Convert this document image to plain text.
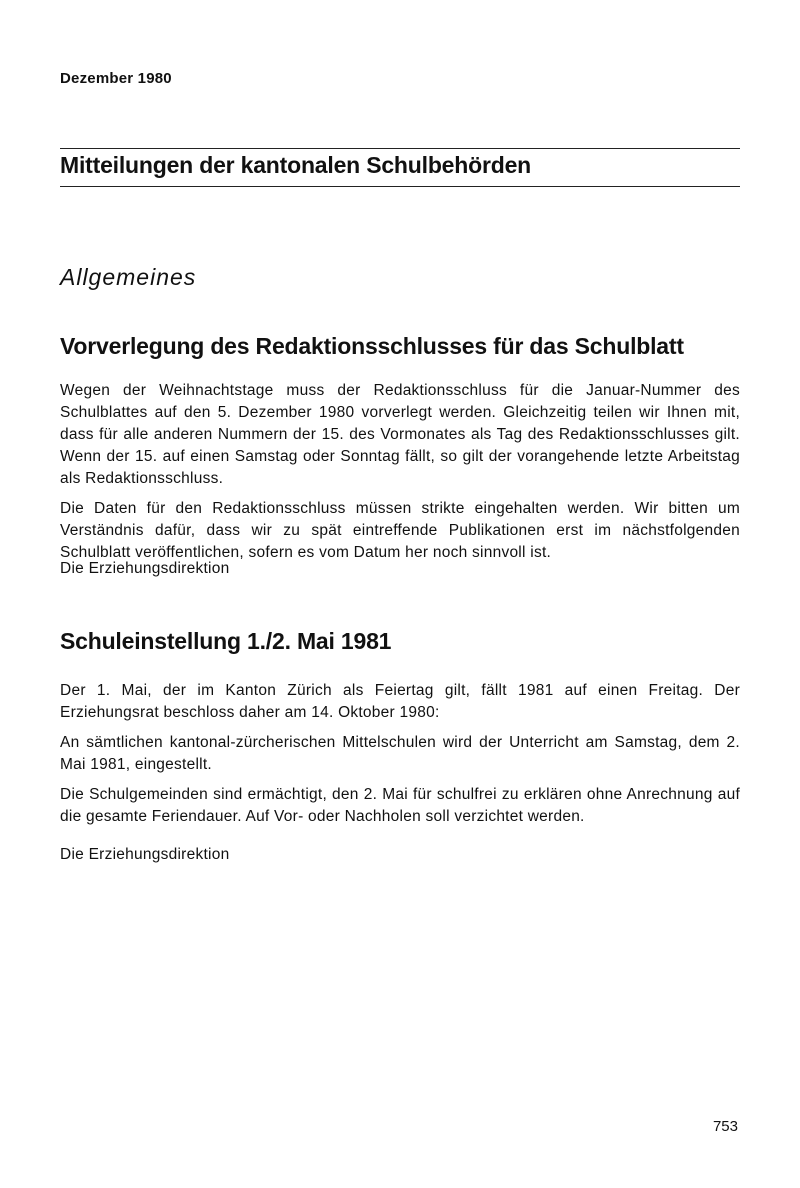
Dezember 1980
Mitteilungen der kantonalen Schulbehörden
Allgemeines
Vorverlegung des Redaktionsschlusses für das Schulblatt

Wegen der Weihnachtstage muss der Redaktionsschluss für die Januar-Nummer des Schulblattes auf den 5. Dezember 1980 vorverlegt werden. Gleichzeitig teilen wir Ihnen mit, dass für alle anderen Nummern der 15. des Vormonates als Tag des Redaktionsschlusses gilt. Wenn der 15. auf einen Samstag oder Sonntag fällt, so gilt der vorangehende letzte Arbeitstag als Redaktionsschluss.

Die Daten für den Redaktionsschluss müssen strikte eingehalten werden. Wir bitten um Verständnis dafür, dass wir zu spät eintreffende Publikationen erst im nächstfolgenden Schulblatt veröffentlichen, sofern es vom Datum her noch sinnvoll ist.

Die Erziehungsdirektion
Schuleinstellung 1./2. Mai 1981

Der 1. Mai, der im Kanton Zürich als Feiertag gilt, fällt 1981 auf einen Freitag. Der Erziehungsrat beschloss daher am 14. Oktober 1980:

An sämtlichen kantonal-zürcherischen Mittelschulen wird der Unterricht am Samstag, dem 2. Mai 1981, eingestellt.

Die Schulgemeinden sind ermächtigt, den 2. Mai für schulfrei zu erklären ohne Anrechnung auf die gesamte Feriendauer. Auf Vor- oder Nachholen soll verzichtet werden.

Die Erziehungsdirektion
753
